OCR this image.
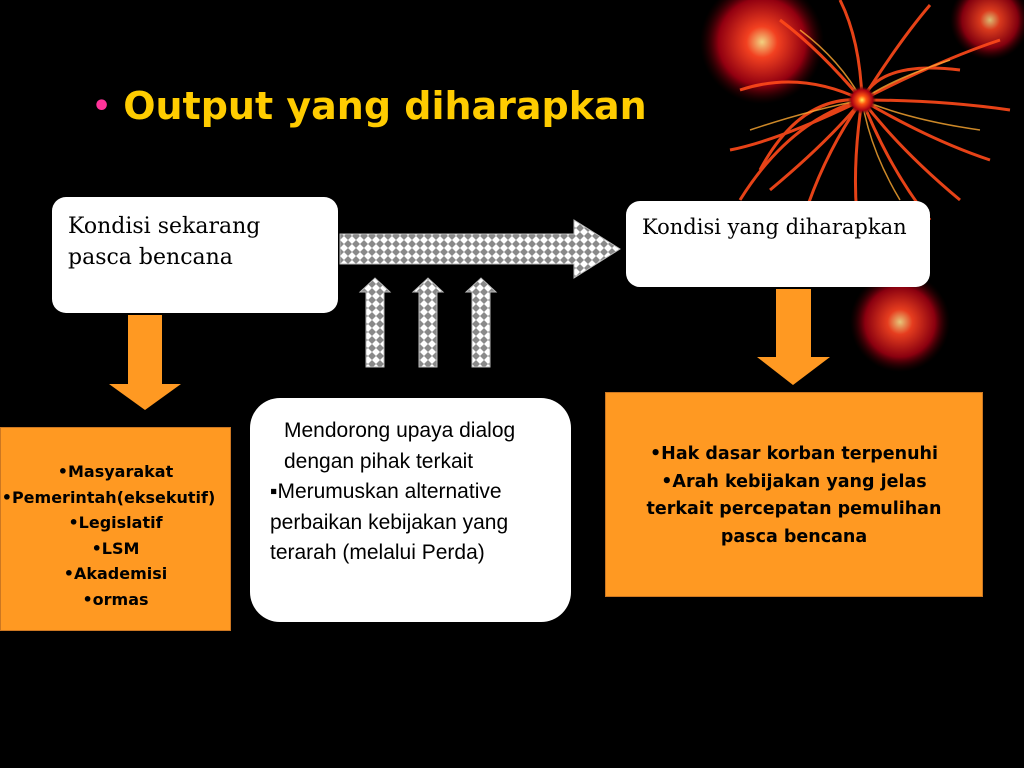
• Output yang diharapkan
Kondisi sekarang pasca bencana
Kondisi yang diharapkan
Mendorong upaya dialog dengan pihak terkait
▪Merumuskan alternative perbaikan kebijakan yang terarah (melalui Perda)
•Masyarakat
•Pemerintah(eksekutif)
•Legislatif
•LSM
•Akademisi
•ormas
•Hak dasar korban terpenuhi
•Arah kebijakan yang jelas
terkait percepatan pemulihan
pasca bencana
